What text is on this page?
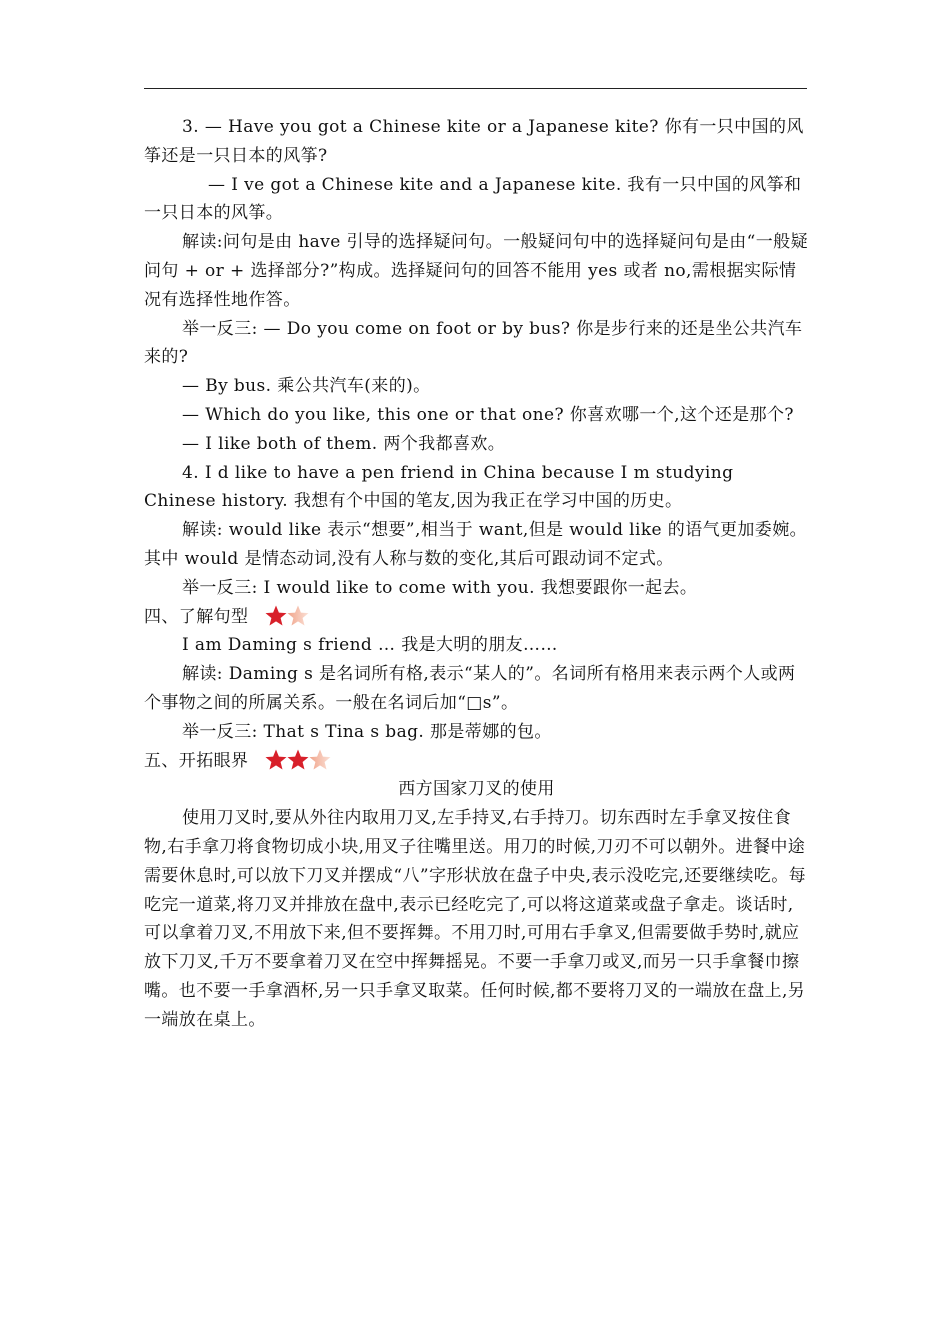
3. — Have you got a Chinese kite or a Japanese kite? 你有一只中国的风筝还是一只日本的风筝?

— I ve got a Chinese kite and a Japanese kite. 我有一只中国的风筝和一只日本的风筝。

解读:问句是由 have 引导的选择疑问句。一般疑问句中的选择疑问句是由“一般疑问句 + or + 选择部分?”构成。选择疑问句的回答不能用 yes 或者 no,需根据实际情况有选择性地作答。

举一反三: — Do you come on foot or by bus? 你是步行来的还是坐公共汽车来的?

— By bus. 乘公共汽车(来的)。

— Which do you like, this one or that one? 你喜欢哪一个,这个还是那个?

— I like both of them. 两个我都喜欢。

4. I d like to have a pen friend in China because I m studying Chinese history. 我想有个中国的笔友,因为我正在学习中国的历史。

解读: would like 表示“想要”,相当于 want,但是 would like 的语气更加委婉。其中 would 是情态动词,没有人称与数的变化,其后可跟动词不定式。

举一反三: I would like to come with you. 我想要跟你一起去。

四、了解句型

I am Daming s friend … 我是大明的朋友……

解读: Daming s 是名词所有格,表示“某人的”。名词所有格用来表示两个人或两个事物之间的所属关系。一般在名词后加“□s”。

举一反三: That s Tina s bag. 那是蒂娜的包。

五、开拓眼界

西方国家刀叉的使用

使用刀叉时,要从外往内取用刀叉,左手持叉,右手持刀。切东西时左手拿叉按住食物,右手拿刀将食物切成小块,用叉子往嘴里送。用刀的时候,刀刃不可以朝外。进餐中途需要休息时,可以放下刀叉并摆成“八”字形状放在盘子中央,表示没吃完,还要继续吃。每吃完一道菜,将刀叉并排放在盘中,表示已经吃完了,可以将这道菜或盘子拿走。谈话时,可以拿着刀叉,不用放下来,但不要挥舞。不用刀时,可用右手拿叉,但需要做手势时,就应放下刀叉,千万不要拿着刀叉在空中挥舞摇晃。不要一手拿刀或叉,而另一只手拿餐巾擦嘴。也不要一手拿酒杯,另一只手拿叉取菜。任何时候,都不要将刀叉的一端放在盘上,另一端放在桌上。
